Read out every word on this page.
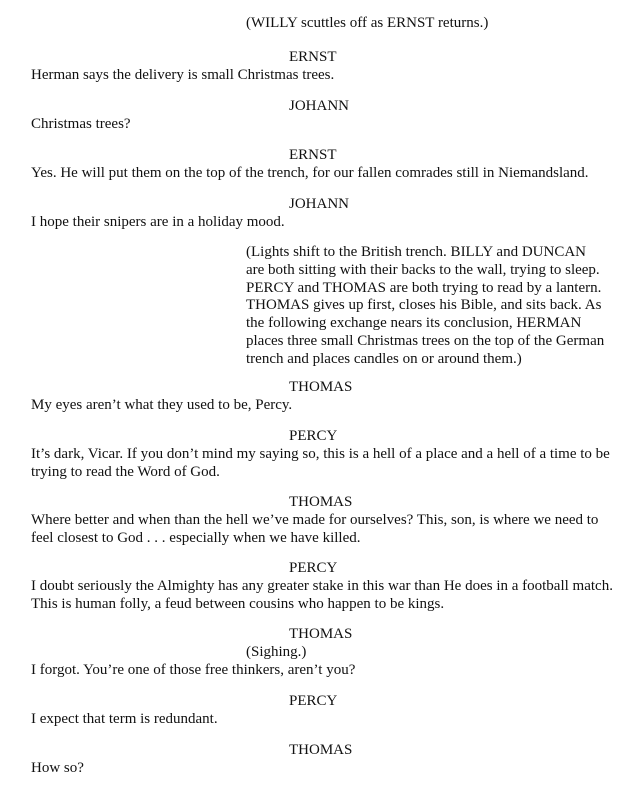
(WILLY scuttles off as ERNST returns.)
ERNST
Herman says the delivery is small Christmas trees.
JOHANN
Christmas trees?
ERNST
Yes. He will put them on the top of the trench, for our fallen comrades still in Niemandsland.
JOHANN
I hope their snipers are in a holiday mood.
(Lights shift to the British trench. BILLY and DUNCAN
are both sitting with their backs to the wall, trying to sleep.
PERCY and THOMAS are both trying to read by a lantern.
THOMAS gives up first, closes his Bible, and sits back. As
the following exchange nears its conclusion, HERMAN
places three small Christmas trees on the top of the German
trench and places candles on or around them.)
THOMAS
My eyes aren’t what they used to be, Percy.
PERCY
It’s dark, Vicar. If you don’t mind my saying so, this is a hell of a place and a hell of a time to be
trying to read the Word of God.
THOMAS
Where better and when than the hell we’ve made for ourselves? This, son, is where we need to
feel closest to God . . . especially when we have killed.
PERCY
I doubt seriously the Almighty has any greater stake in this war than He does in a football match.
This is human folly, a feud between cousins who happen to be kings.
THOMAS
(Sighing.)
I forgot. You’re one of those free thinkers, aren’t you?
PERCY
I expect that term is redundant.
THOMAS
How so?
